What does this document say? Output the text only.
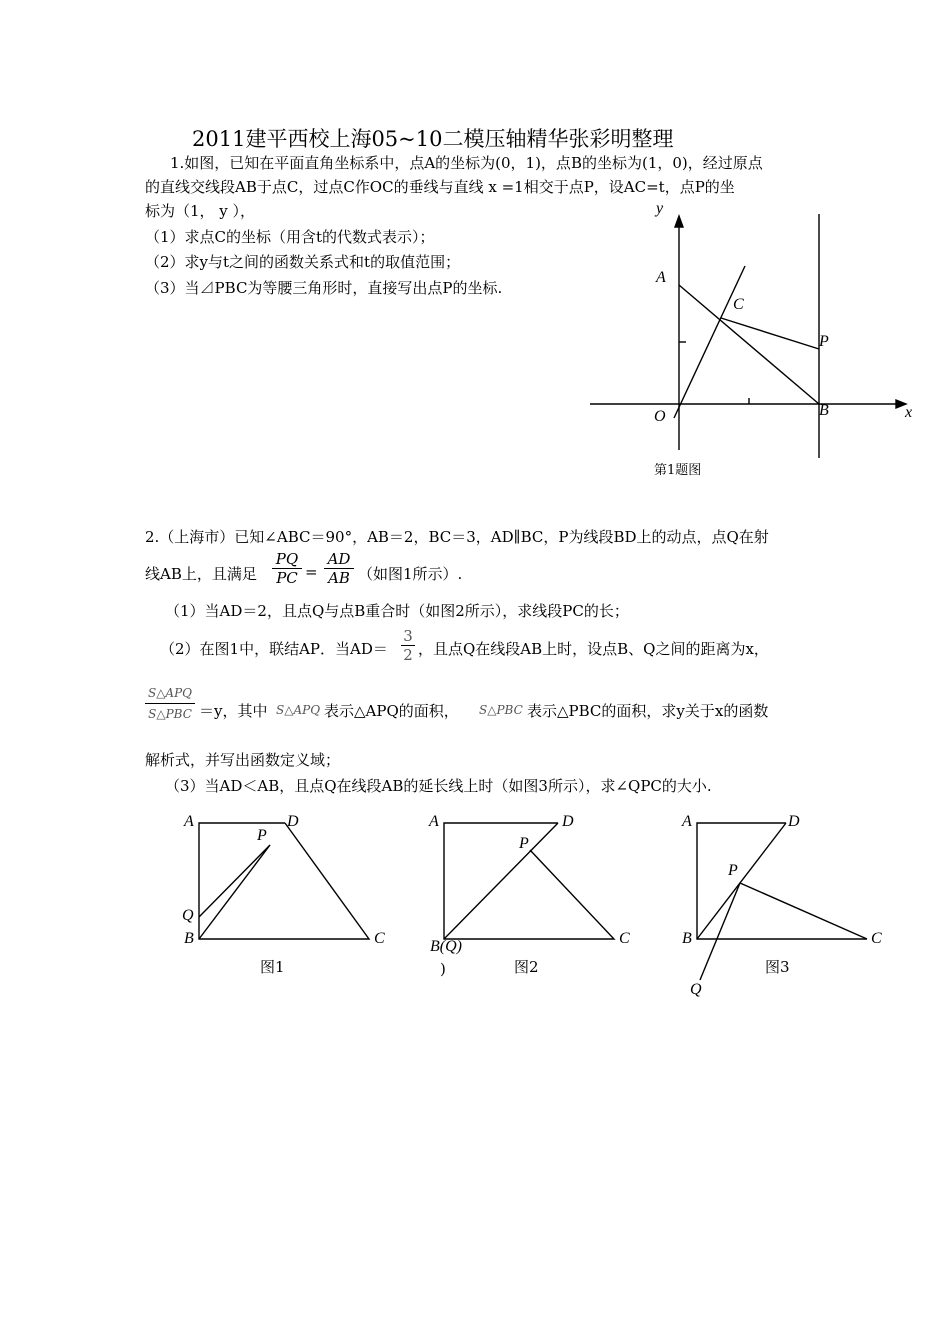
2011建平西校上海05~10二模压轴精华张彩明整理
1.如图，已知在平面直角坐标系中，点A的坐标为(0，1)，点B的坐标为(1，0)，经过原点
的直线交线段AB于点C，过点C作OC的垂线与直线 x =1相交于点P，设AC=t，点P的坐
标为（1， y ），
（1）求点C的坐标（用含t的代数式表示）；
（2）求y与t之间的函数关系式和t的取值范围；
（3）当⊿PBC为等腰三角形时，直接写出点P的坐标.
y
x
A
C
P
O	B
第1题图
2.（上海市）已知∠ABC＝90°，AB＝2，BC＝3，AD∥BC，P为线段BD上的动点，点Q在射
线AB上，且满足
PQ
PC =
AD
AB （如图1所示）.
（1）当AD＝2，且点Q与点B重合时（如图2所示），求线段PC的长；
（2）在图1中，联结AP．当AD＝
3
2 ，且点Q在线段AB上时，设点B、Q之间的距离为x，
S△APQ
S△PBC ＝y，其中 S△APQ 表示△APQ的面积， S△PBC 表示△PBC的面积，求y关于x的函数
解析式，并写出函数定义域；
（3）当AD＜AB，且点Q在线段AB的延长线上时（如图3所示），求∠QPC的大小.
A	D
P
Q
B	C
图1
A	D
P
B(Q)	C
)	图2
A	D
P
B	C
Q
图3
